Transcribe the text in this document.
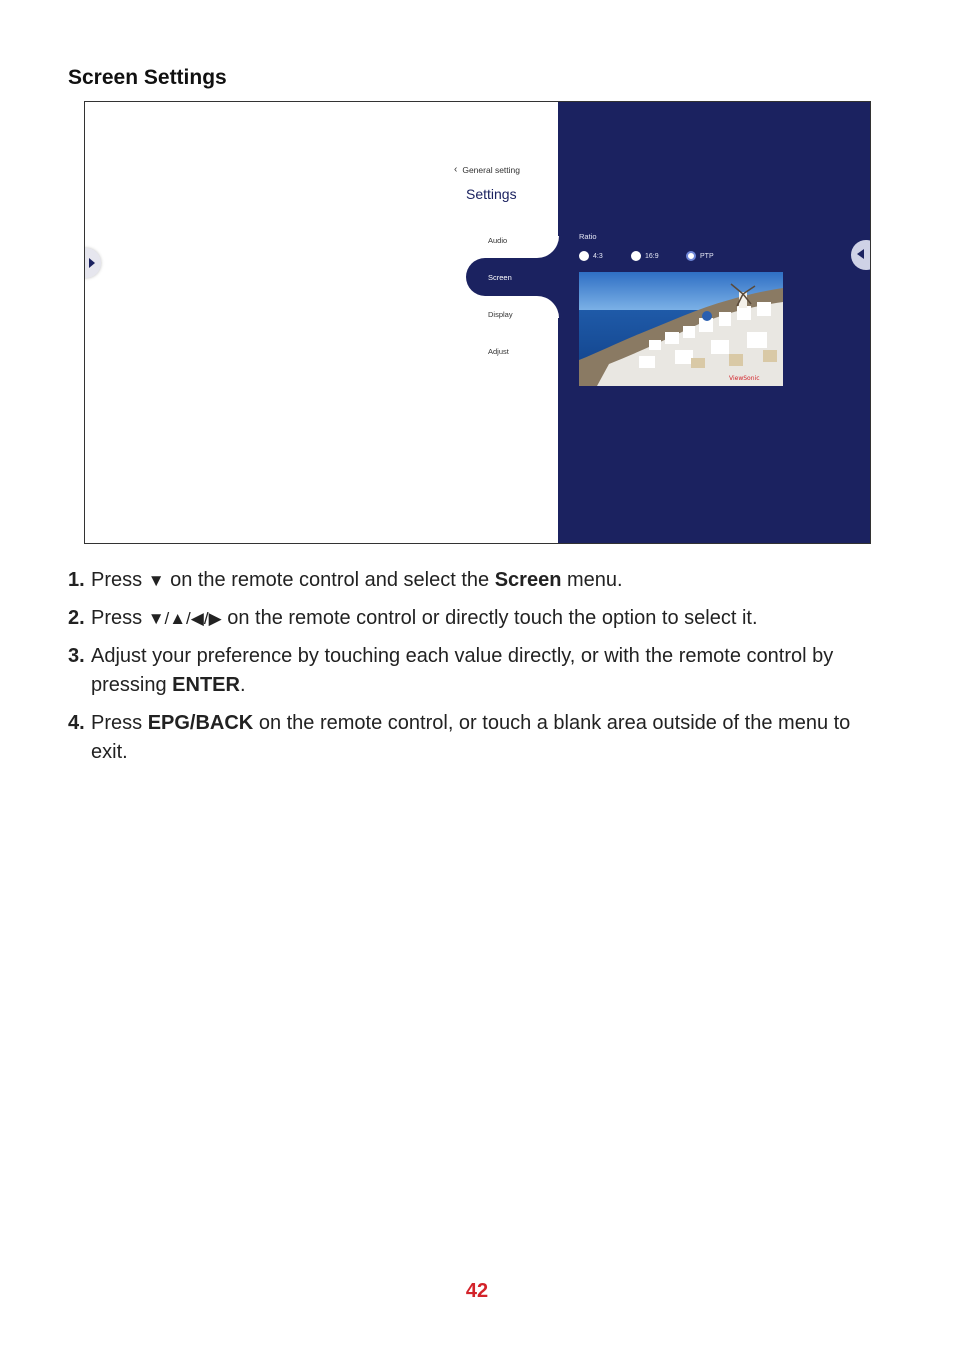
Screen Settings
‹ General setting
Settings
Audio
Screen
Display
Adjust
Ratio
4:3	16:9	PTP
ViewSonic
1. Press ▼ on the remote control and select the Screen menu.
2. Press ▼/▲/◀/▶ on the remote control or directly touch the option to select it.
3. Adjust your preference by touching each value directly, or with the remote control by pressing ENTER.
4. Press EPG/BACK on the remote control, or touch a blank area outside of the menu to exit.
42
